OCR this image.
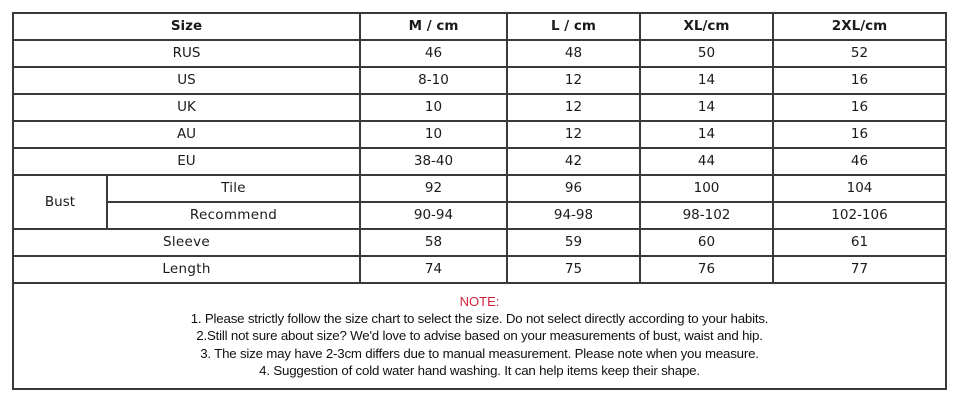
Size		M / cm	L / cm	XL/cm	2XL/cm
RUS		46	48	50	52
US		8-10	12	14	16
UK		10	12	14	16
AU		10	12	14	16
EU		38-40	42	44	46
Bust	Tile	92	96	100	104
	Recommend	90-94	94-98	98-102	102-106
Sleeve		58	59	60	61
Length		74	75	76	77

NOTE:
1. Please strictly follow the size chart to select the size. Do not select directly according to your habits.
2.Still not sure about size? We'd love to advise based on your measurements of bust, waist and hip.
3. The size may have 2-3cm differs due to manual measurement. Please note when you measure.
4. Suggestion of cold water hand washing. It can help items keep their shape.					
